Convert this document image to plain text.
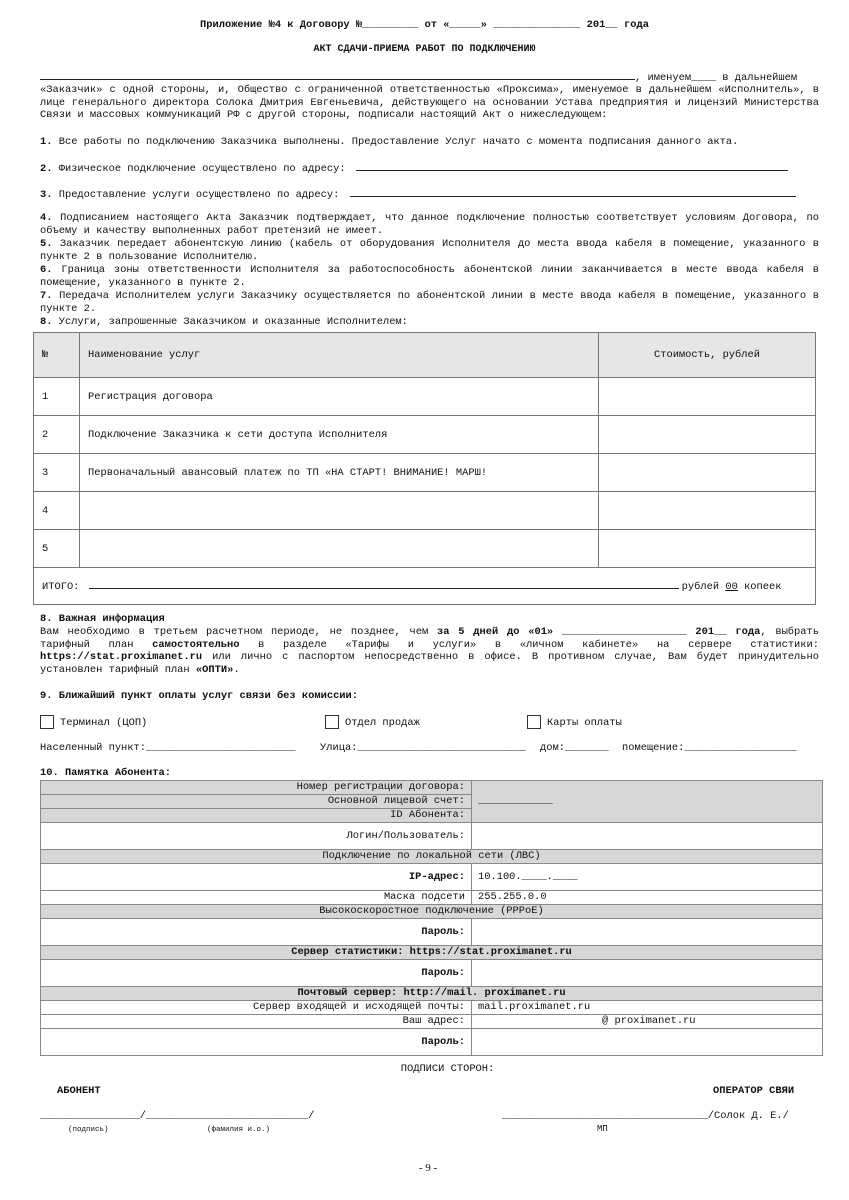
Приложение №4 к Договору №_________ от «_____» ______________ 201__ года
АКТ СДАЧИ-ПРИЕМА РАБОТ ПО ПОДКЛЮЧЕНИЮ
, именуем____ в дальнейшем
«Заказчик» с одной стороны, и, Общество с ограниченной ответственностью «Проксима», именуемое в дальнейшем «Исполнитель», в лице генерального директора Солока Дмитрия Евгеньевича, действующего на основании Устава предприятия и лицензий Министерства Связи и массовых коммуникаций РФ с другой стороны, подписали настоящий Акт о нижеследующем:
1. Все работы по подключению Заказчика выполнены. Предоставление Услуг начато с момента подписания данного акта.
2. Физическое подключение осуществлено по адресу:
3. Предоставление услуги осуществлено по адресу:
4. Подписанием настоящего Акта Заказчик подтверждает, что данное подключение полностью соответствует условиям Договора, по объему и качеству выполненных работ претензий не имеет.
5. Заказчик передает абонентскую линию (кабель от оборудования Исполнителя до места ввода кабеля в помещение, указанного в пункте 2 в пользование Исполнителю.
6. Граница зоны ответственности Исполнителя за работоспособность абонентской линии заканчивается в месте ввода кабеля в помещение, указанного в пункте 2.
7. Передача Исполнителем услуги Заказчику осуществляется по абонентской линии в месте ввода кабеля в помещение, указанного в пункте 2.
8. Услуги, запрошенные Заказчиком и оказанные Исполнителем:
№	Наименование услуг	Стоимость, рублей
1	Регистрация договора	
2	Подключение Заказчика к сети доступа Исполнителя	
3	Первоначальный авансовый платеж по ТП «НА СТАРТ! ВНИМАНИЕ! МАРШ!	
4		
5		
ИТОГО: рублей 00 копеек		
8. Важная информация
Вам необходимо в третьем расчетном периоде, не позднее, чем за 5 дней до «01» ____________________ 201__ года, выбрать тарифный план самостоятельно в разделе «Тарифы и услуги» в «личном кабинете» на сервере статистики: https://stat.proximanet.ru или лично с паспортом непосредственно в офисе. В противном случае, Вам будет принудительно установлен тарифный план «ОПТИ».
9. Ближайший пункт оплаты услуг связи без комиссии:
Терминал (ЦОП)	Отдел продаж	Карты оплаты
Населенный пункт:________________________ Улица:___________________________ дом:_______ помещение:__________________
10. Памятка Абонента:
Номер регистрации договора:	____________
Основной лицевой счет:	
ID Абонента:	
Логин/Пользователь:	
Подключение по локальной сети (ЛВС)	
IP-адрес:	10.100.____.____
Маска подсети	255.255.0.0
Высокоскоростное подключение (PPPoE)	
Пароль:	
Сервер статистики: https://stat.proximanet.ru	
Пароль:	
Почтовый сервер: http://mail. proximanet.ru	
Сервер входящей и исходящей почты:	mail.proximanet.ru
Ваш адрес:	@ proximanet.ru
Пароль:	
ПОДПИСИ СТОРОН:
АБОНЕНТ	ОПЕРАТОР СВЯИ
________________/__________________________/	_________________________________/Солок Д. Е./
(подпись)	(фамилия и.о.)	МП
- 9 -
